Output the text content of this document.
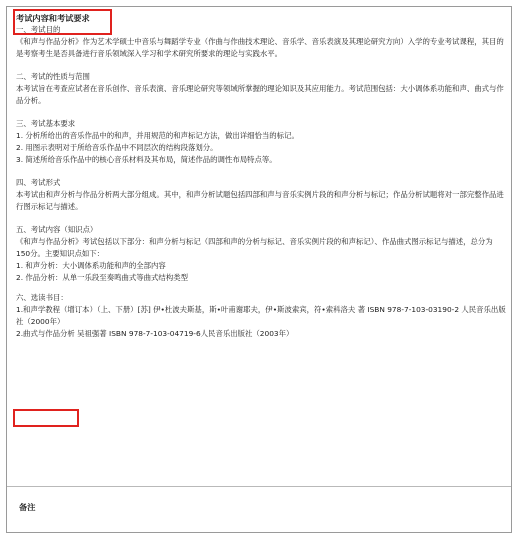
考试内容和考试要求

一、考试目的

《和声与作品分析》作为艺术学硕士中音乐与舞蹈学专业（作曲与作曲技术理论、音乐学、音乐表演及其理论研究方向）入学的专业考试课程，其目的是考察考生是否具备进行音乐领域深入学习和学术研究所要求的理论与实践水平。

二、考试的性质与范围

本考试旨在考查应试者在音乐创作、音乐表演、音乐理论研究等领域所掌握的理论知识及其应用能力。考试范围包括：大小调体系功能和声、曲式与作品分析。

三、考试基本要求

1. 分析所给出的音乐作品中的和声，并用规范的和声标记方法，做出详细恰当的标记。

2. 用图示表明对于所给音乐作品中不同层次的结构段落划分。

3. 简述所给音乐作品中的核心音乐材料及其布局，简述作品的调性布局特点等。

四、考试形式

本考试由和声分析与作品分析两大部分组成。其中，和声分析试题包括四部和声与音乐实例片段的和声分析与标记；作品分析试题将对一部完整作品进行图示标记与描述。

五、考试内容（知识点）

《和声与作品分析》考试包括以下部分：和声分析与标记（四部和声的分析与标记、音乐实例片段的和声标记）、作品曲式图示标记与描述，总分为150分。主要知识点如下：

1. 和声分析：大小调体系功能和声的全部内容

2. 作品分析：从单一乐段至奏鸣曲式等曲式结构类型

六、选读书目：

1.和声学教程（增订本）（上、下册）[苏] 伊•杜波夫斯基，斯•叶甫谢耶夫，伊•斯波索宾，符•索科洛夫 著 ISBN 978-7-103-03190-2 人民音乐出版社（2000年）

2.曲式与作品分析 吴祖强著 ISBN 978-7-103-04719-6人民音乐出版社（2003年）

备注
